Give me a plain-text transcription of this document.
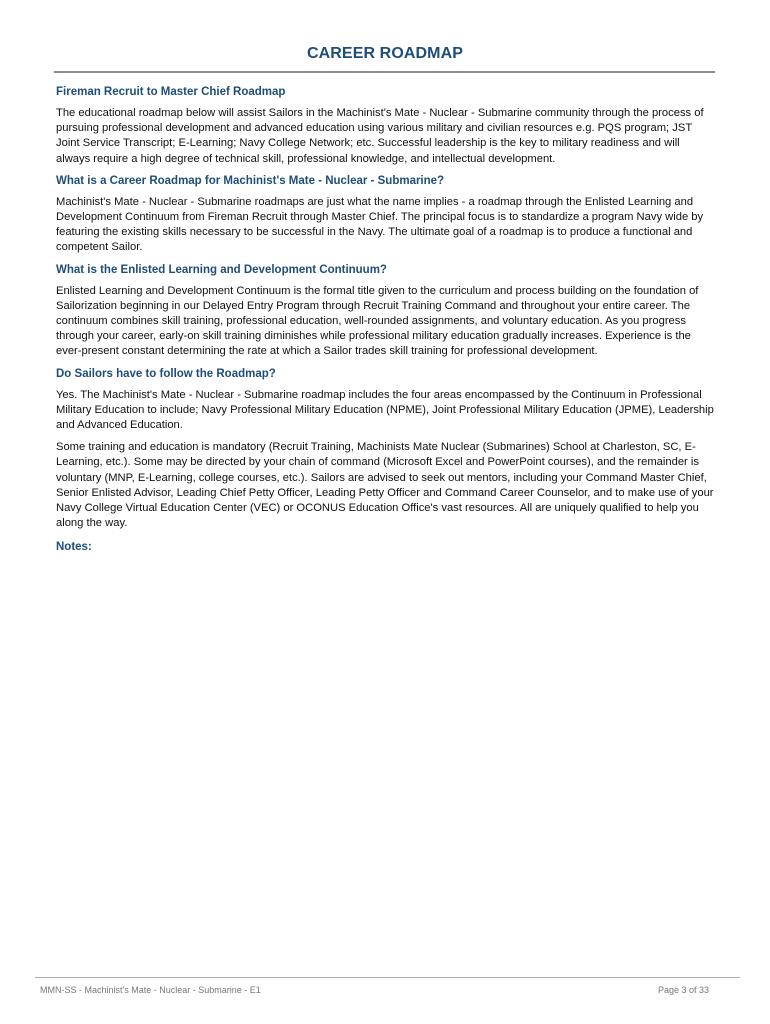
CAREER ROADMAP
Fireman Recruit to Master Chief Roadmap

The educational roadmap below will assist Sailors in the Machinist's Mate - Nuclear - Submarine community through the process of pursuing professional development and advanced education using various military and civilian resources e.g. PQS program; JST Joint Service Transcript; E-Learning; Navy College Network; etc. Successful leadership is the key to military readiness and will always require a high degree of technical skill, professional knowledge, and intellectual development.

What is a Career Roadmap for Machinist's Mate - Nuclear - Submarine?

Machinist's Mate - Nuclear - Submarine roadmaps are just what the name implies - a roadmap through the Enlisted Learning and Development Continuum from Fireman Recruit through Master Chief. The principal focus is to standardize a program Navy wide by featuring the existing skills necessary to be successful in the Navy. The ultimate goal of a roadmap is to produce a functional and competent Sailor.

What is the Enlisted Learning and Development Continuum?

Enlisted Learning and Development Continuum is the formal title given to the curriculum and process building on the foundation of Sailorization beginning in our Delayed Entry Program through Recruit Training Command and throughout your entire career. The continuum combines skill training, professional education, well-rounded assignments, and voluntary education. As you progress through your career, early-on skill training diminishes while professional military education gradually increases. Experience is the ever-present constant determining the rate at which a Sailor trades skill training for professional development.

Do Sailors have to follow the Roadmap?

Yes. The Machinist's Mate - Nuclear - Submarine roadmap includes the four areas encompassed by the Continuum in Professional Military Education to include; Navy Professional Military Education (NPME), Joint Professional Military Education (JPME), Leadership and Advanced Education.

Some training and education is mandatory (Recruit Training, Machinists Mate Nuclear (Submarines) School at Charleston, SC, E-Learning, etc.). Some may be directed by your chain of command (Microsoft Excel and PowerPoint courses), and the remainder is voluntary (MNP, E-Learning, college courses, etc.). Sailors are advised to seek out mentors, including your Command Master Chief, Senior Enlisted Advisor, Leading Chief Petty Officer, Leading Petty Officer and Command Career Counselor, and to make use of your Navy College Virtual Education Center (VEC) or OCONUS Education Office's vast resources. All are uniquely qualified to help you along the way.

Notes:
MMN-SS - Machinist's Mate - Nuclear - Submarine - E1	Page 3 of 33
